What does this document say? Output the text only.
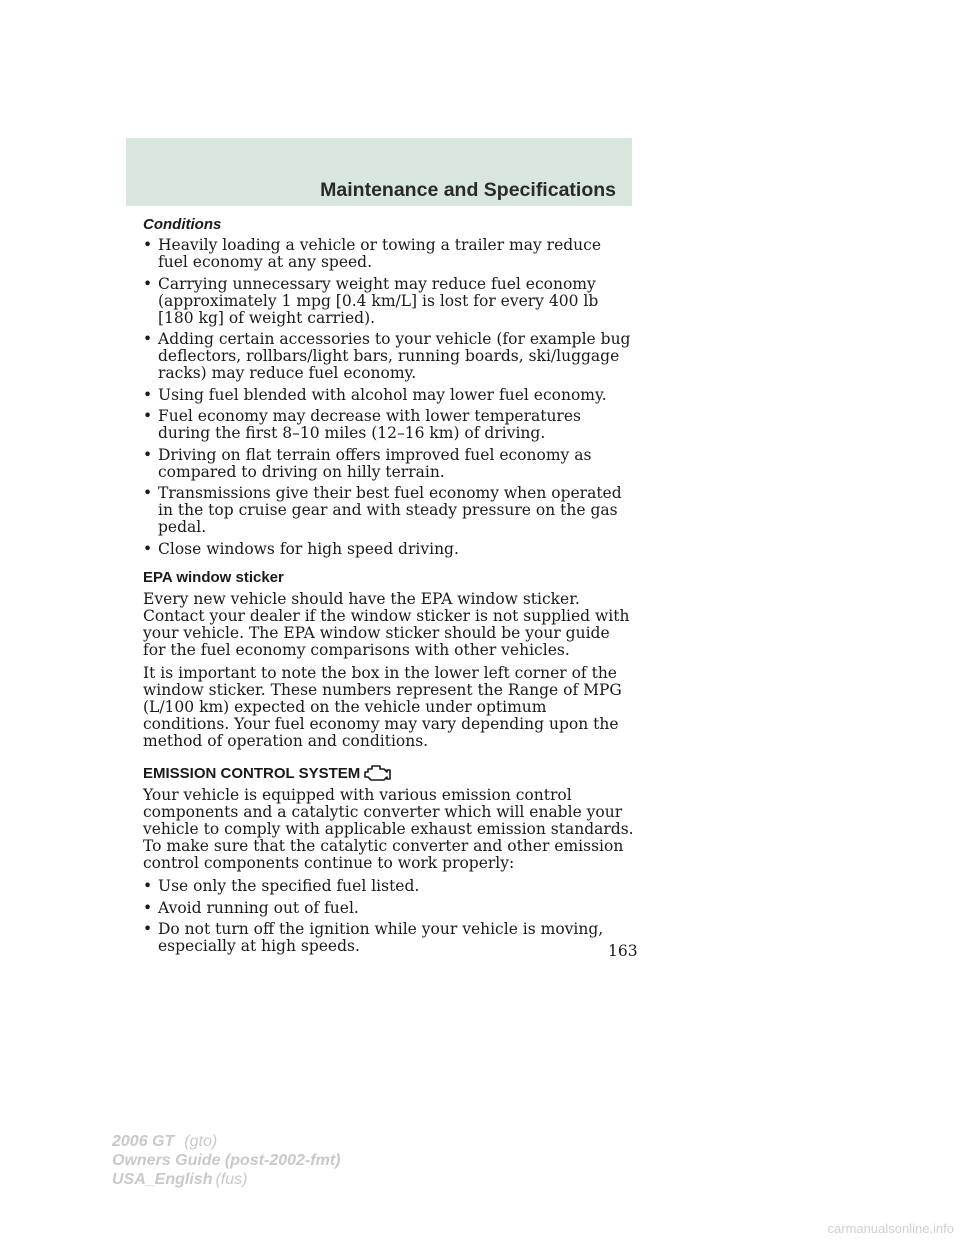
Maintenance and Specifications
Conditions
• Heavily loading a vehicle or towing a trailer may reduce fuel economy at any speed.
• Carrying unnecessary weight may reduce fuel economy (approximately 1 mpg [0.4 km/L] is lost for every 400 lb [180 kg] of weight carried).
• Adding certain accessories to your vehicle (for example bug deflectors, rollbars/light bars, running boards, ski/luggage racks) may reduce fuel economy.
• Using fuel blended with alcohol may lower fuel economy.
• Fuel economy may decrease with lower temperatures during the first 8–10 miles (12–16 km) of driving.
• Driving on flat terrain offers improved fuel economy as compared to driving on hilly terrain.
• Transmissions give their best fuel economy when operated in the top cruise gear and with steady pressure on the gas pedal.
• Close windows for high speed driving.
EPA window sticker

Every new vehicle should have the EPA window sticker. Contact your dealer if the window sticker is not supplied with your vehicle. The EPA window sticker should be your guide for the fuel economy comparisons with other vehicles.

It is important to note the box in the lower left corner of the window sticker. These numbers represent the Range of MPG (L/100 km) expected on the vehicle under optimum conditions. Your fuel economy may vary depending upon the method of operation and conditions.

EMISSION CONTROL SYSTEM

Your vehicle is equipped with various emission control components and a catalytic converter which will enable your vehicle to comply with applicable exhaust emission standards. To make sure that the catalytic converter and other emission control components continue to work properly:

• Use only the specified fuel listed.
• Avoid running out of fuel.
• Do not turn off the ignition while your vehicle is moving, especially at high speeds.	163
2006 GT (gto)
Owners Guide (post-2002-fmt)
USA_English (fus)
carmanualsonline.info
